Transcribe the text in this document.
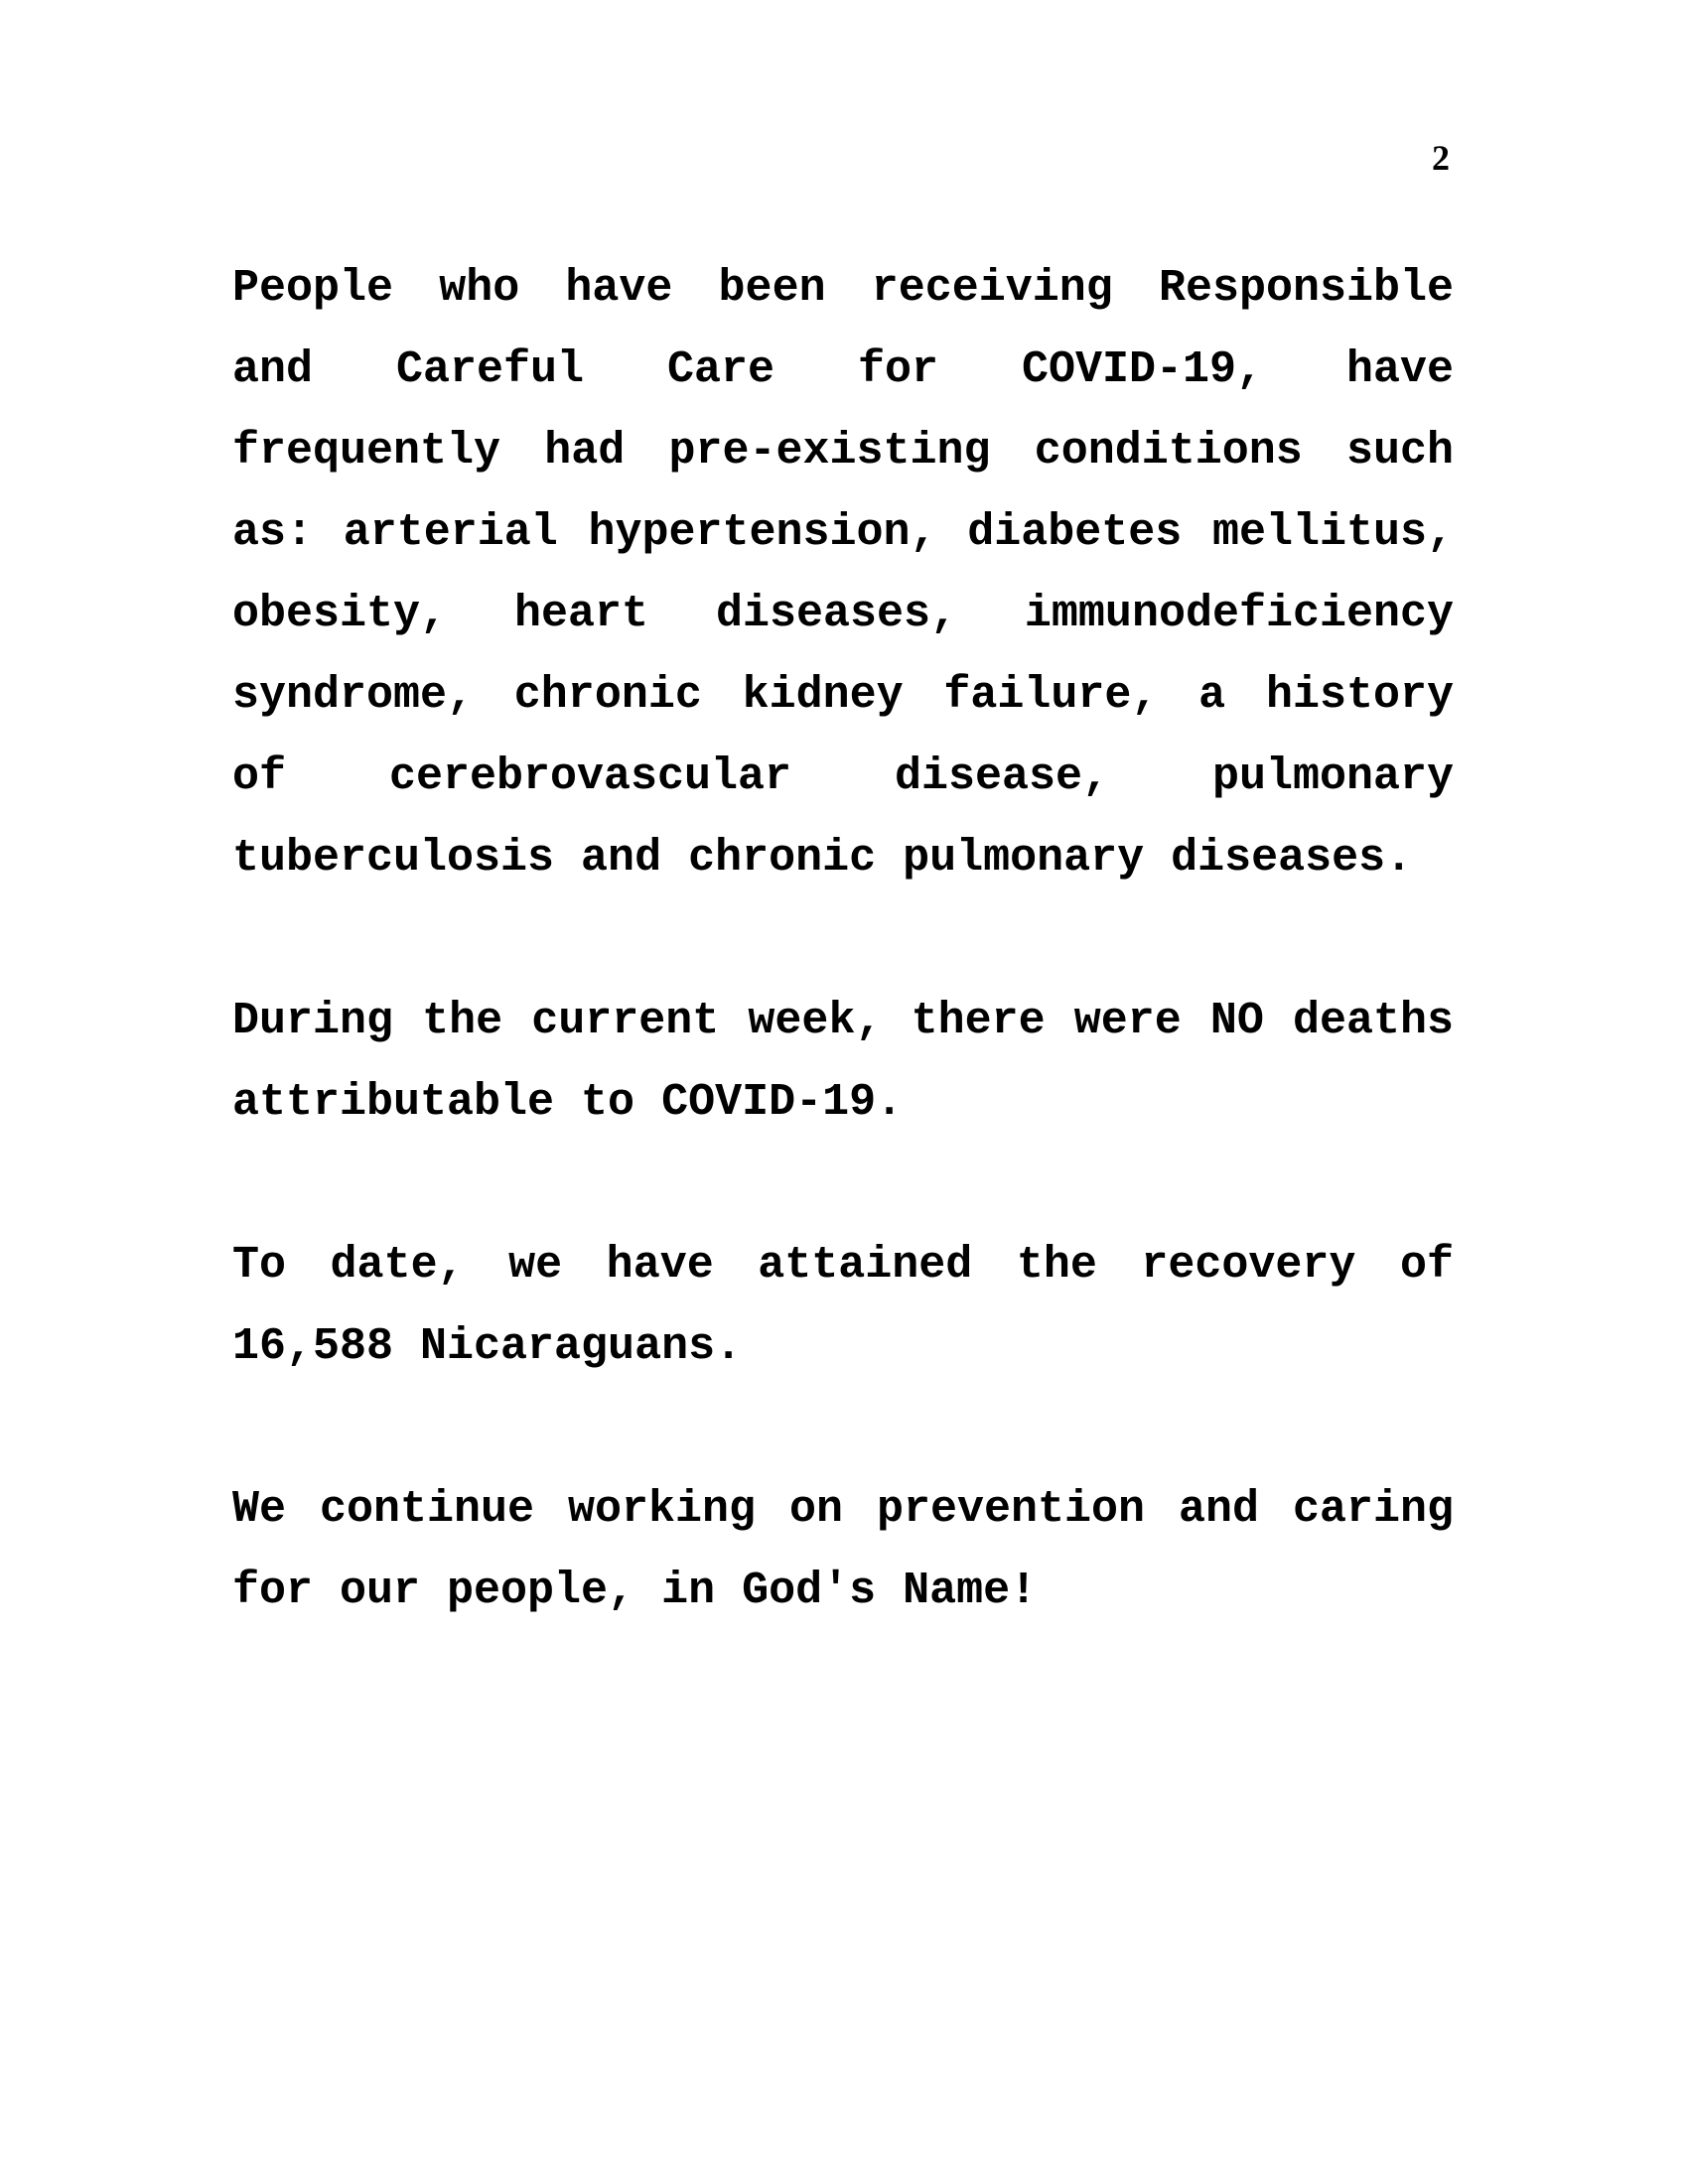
2

People who have been receiving Responsible and Careful Care for COVID-19, have frequently had pre-existing conditions such as: arterial hypertension, diabetes mellitus, obesity, heart diseases, immunodeficiency syndrome, chronic kidney failure, a history of cerebrovascular disease, pulmonary tuberculosis and chronic pulmonary diseases.

During the current week, there were NO deaths attributable to COVID-19.

To date, we have attained the recovery of 16,588 Nicaraguans.

We continue working on prevention and caring for our people, in God's Name!
